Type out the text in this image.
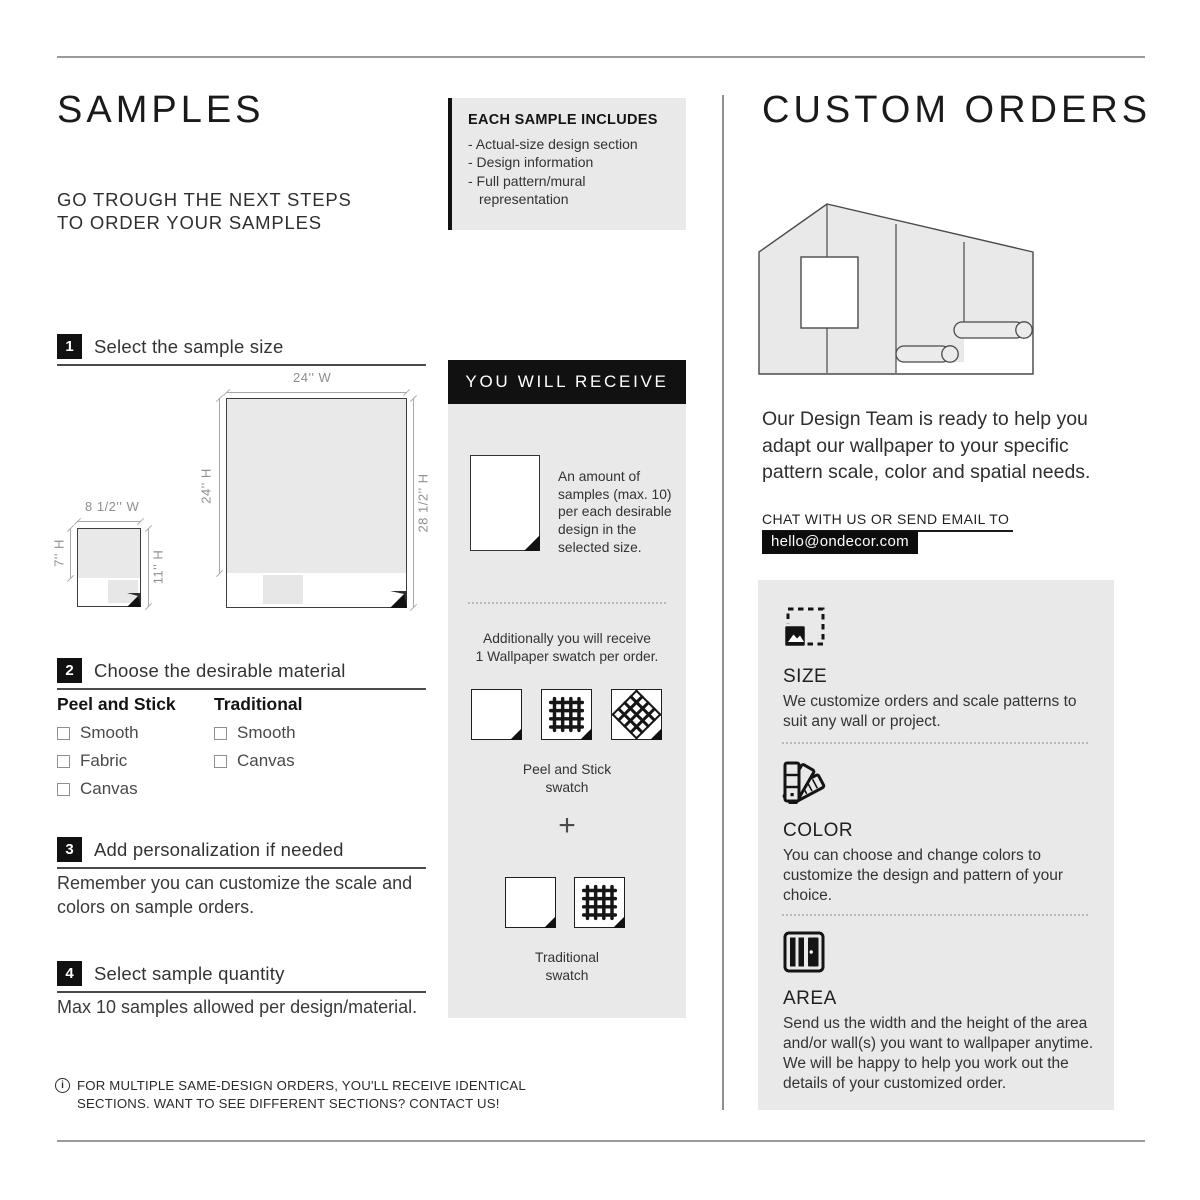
SAMPLES
GO TROUGH THE NEXT STEPS
TO ORDER YOUR SAMPLES
1	Select the sample size
24'' W
24'' H	28 1/2'' H
8 1/2'' W
7'' H	11'' H
2	Choose the desirable material
Peel and Stick
Smooth
Fabric
Canvas
Traditional
Smooth
Canvas
3	Add personalization if needed
Remember you can customize the scale and colors on sample orders.
4	Select sample quantity
Max 10 samples allowed per design/material.
i FOR MULTIPLE SAME-DESIGN ORDERS, YOU'LL RECEIVE IDENTICAL SECTIONS. WANT TO SEE DIFFERENT SECTIONS? CONTACT US!
EACH SAMPLE INCLUDES
- Actual-size design section
- Design information
- Full pattern/mural representation
YOU WILL RECEIVE
An amount of samples (max. 10) per each desirable design in the selected size.
Additionally you will receive
1 Wallpaper swatch per order.
Peel and Stick
swatch
+
Traditional
swatch
CUSTOM ORDERS
Our Design Team is ready to help you adapt our wallpaper to your specific pattern scale, color and spatial needs.
CHAT WITH US OR SEND EMAIL TO
hello@ondecor.com
SIZE
We customize orders and scale patterns to suit any wall or project.
COLOR
You can choose and change colors to customize the design and pattern of your choice.
AREA
Send us the width and the height of the area and/or wall(s) you want to wallpaper anytime. We will be happy to help you work out the details of your customized order.
